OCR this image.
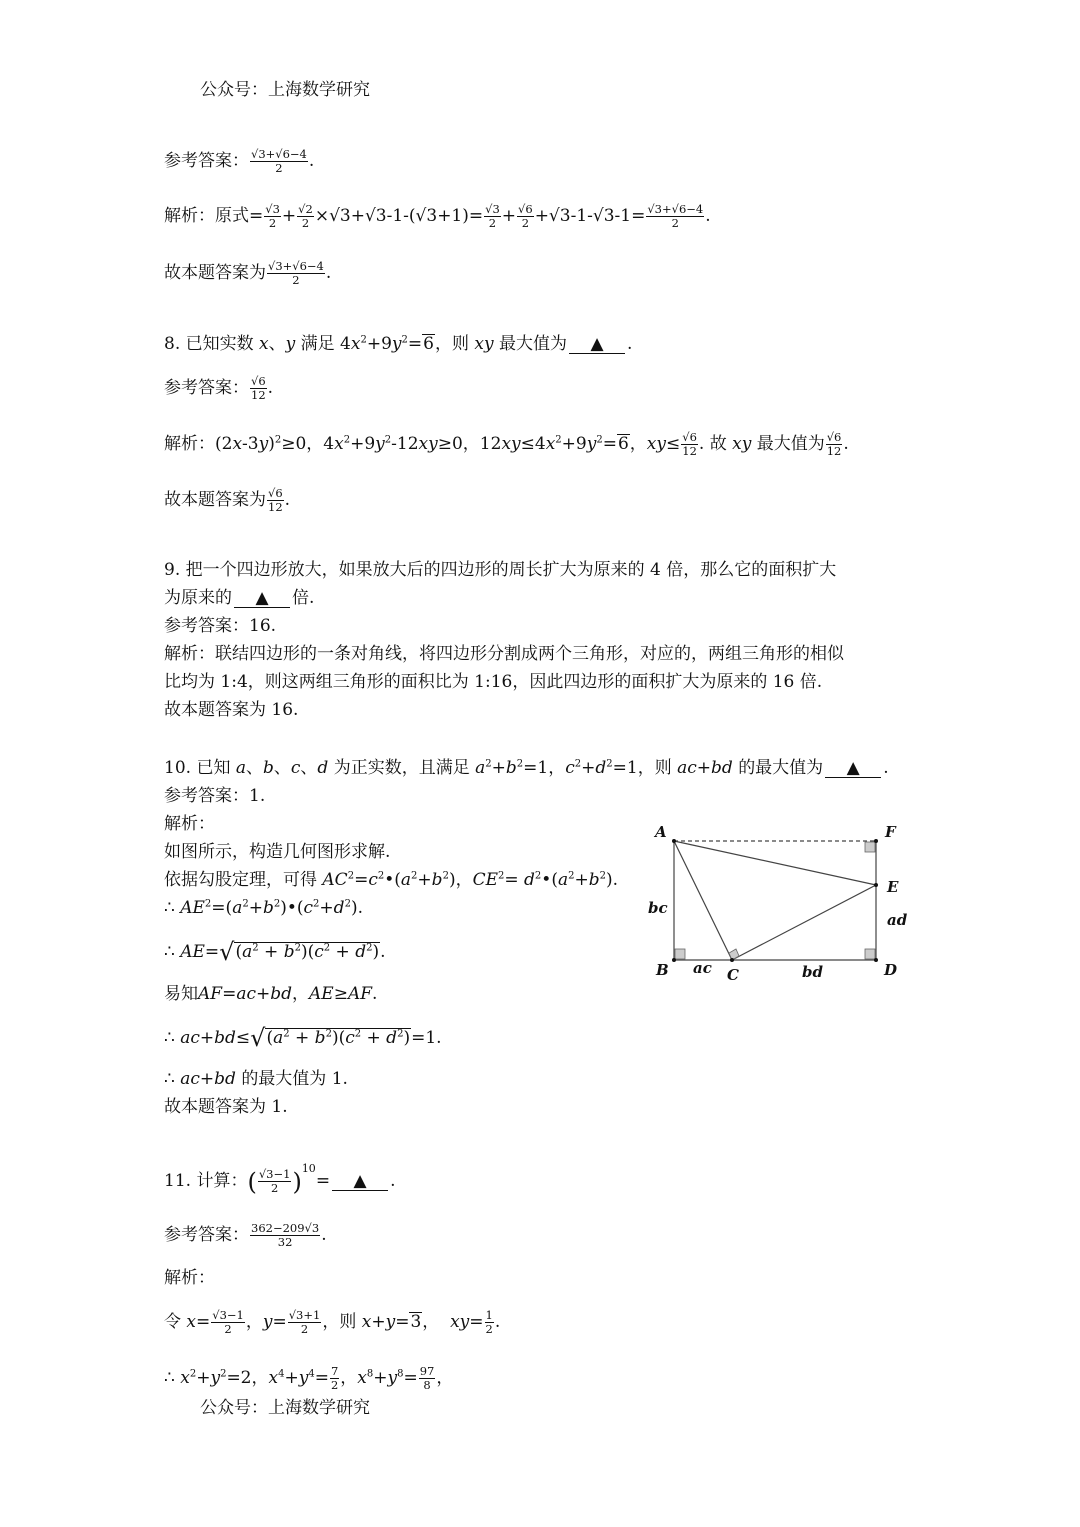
公众号：上海数学研究
参考答案： $\frac{√3+√6-4}{2}$ .
解析：原式= $\frac{√3}{2} + \frac{√2}{2} \times√3+√3-1-(√3+1)= \frac{√3}{2} + \frac{√6}{2} +√3-1-√3-1= \frac{√3+√6-4}{2}$ .
故本题答案为 $\frac{√3+√6-4}{2}$ .
8. 已知实数 x、y 满足 $4x^2+9y^2=6$，则 xy 最大值为 ▲ .
参考答案： $\frac{√6}{12}$ .
解析：$(2x-3y)^2\ge 0$，$4x^2+9y^2-12xy\ge 0$，$12xy\le 4x^2+9y^2=6$，$xy\le \frac{√6}{12}$ . 故 xy 最大值为 $\frac{√6}{12}$ .
故本题答案为 $\frac{√6}{12}$ .
9. 把一个四边形放大，如果放大后的四边形的周长扩大为原来的 4 倍，那么它的面积扩大
为原来的 ▲ 倍.
参考答案：16.
解析：联结四边形的一条对角线，将四边形分割成两个三角形，对应的，两组三角形的相似
比均为 1:4，则这两组三角形的面积比为 1:16，因此四边形的面积扩大为原来的 16 倍.
故本题答案为 16.
10. 已知 a、b、c、d 为正实数，且满足 $a^2+b^2=1$，$c^2+d^2=1$，则 ac+bd 的最大值为 ▲ .
参考答案：1.
解析：
如图所示，构造几何图形求解.
依据勾股定理，可得 $AC^2=c^2•(a^2+b^2)$，$CE^2=$ $d^2•(a^2+b^2)$.
∴ $AE^2=(a^2+b^2)•(c^2+d^2)$.
∴ $AE=√(a^2 + b^2)(c^2 + d^2)$.
易知AF=ac+bd，AE≥AF.
∴ $ac+bd\le√(a^2 + b^2)(c^2 + d^2)=1$.
∴ ac+bd 的最大值为 1.
故本题答案为 1.
A
B	C	D
E
F
bc
ad
ac	bd
11. 计算：( $\frac{√3-1}{2} )^{10}=$ ▲ .
参考答案： $\frac{362-209√3}{32}$ .
解析：
令 $x= \frac{√3-1}{2}$ ，$y= \frac{√3+1}{2}$ ，则 x+y=3，  $xy= \frac{1}{2}$ .
∴ $x^2+y^2=2$，$x^4+y^4= \frac{7}{2}$ ，$x^8+y^8= \frac{97}{8}$ ，
公众号：上海数学研究
